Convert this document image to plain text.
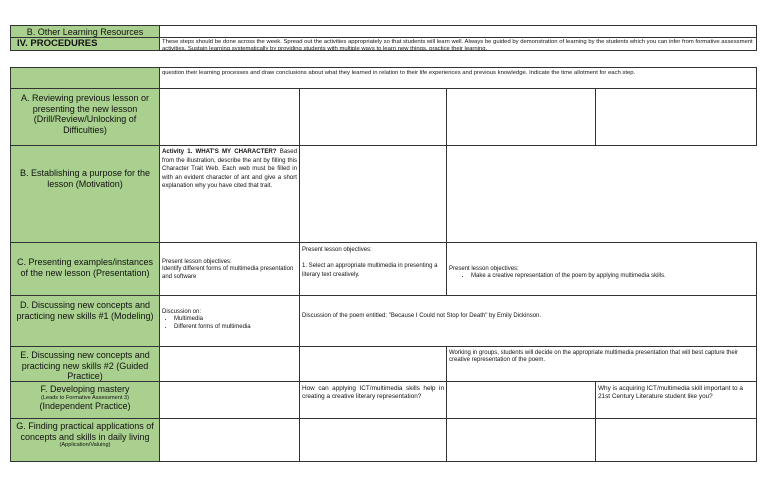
B. Other Learning Resources
IV. PROCEDURES	These steps should be done across the week. Spread out the activities appropriately so that students will learn well. Always be guided by demonstration of learning by the students which you can infer from formative assessment activities. Sustain learning systematically by providing students with multiple ways to learn new things, practice their learning,
question their learning processes and draw conclusions about what they learned in relation to their life experiences and previous knowledge. Indicate the time allotment for each step.
A. Reviewing previous lesson or presenting the new lesson (Drill/Review/Unlocking of Difficulties)
B. Establishing a purpose for the lesson (Motivation)
Activity 1. WHAT'S MY CHARACTER? Based from the illustration, describe the ant by filling this Character Trait Web. Each web must be filled in with an evident character of ant and give a short explanation why you have cited that trait.
C. Presenting examples/instances of the new lesson (Presentation)
Present lesson objectives:
Identify different forms of multimedia presentation and software
Present lesson objectives:
1. Select an appropriate multimedia in presenting a literary text creatively.
Present lesson objectives:
• Make a creative representation of the poem by applying multimedia skills.
D. Discussing new concepts and practicing new skills #1 (Modeling)	Discussion on:
• Multimedia
• Different forms of multimedia
Discussion of the poem entitled: "Because I Could not Stop for Death" by Emily Dickinson.
E. Discussing new concepts and practicing new skills #2 (Guided Practice)
Working in groups, students will decide on the appropriate multimedia presentation that will best capture their creative representation of the poem.
F. Developing mastery
(Leads to Formative Assessment 3)
(Independent Practice)
How can applying ICT/multimedia skills help in creating a creative literary representation?
Why is acquiring ICT/multimedia skill important to a 21st Century Literature student like you?
G. Finding practical applications of concepts and skills in daily living
(Application/Valuing)
